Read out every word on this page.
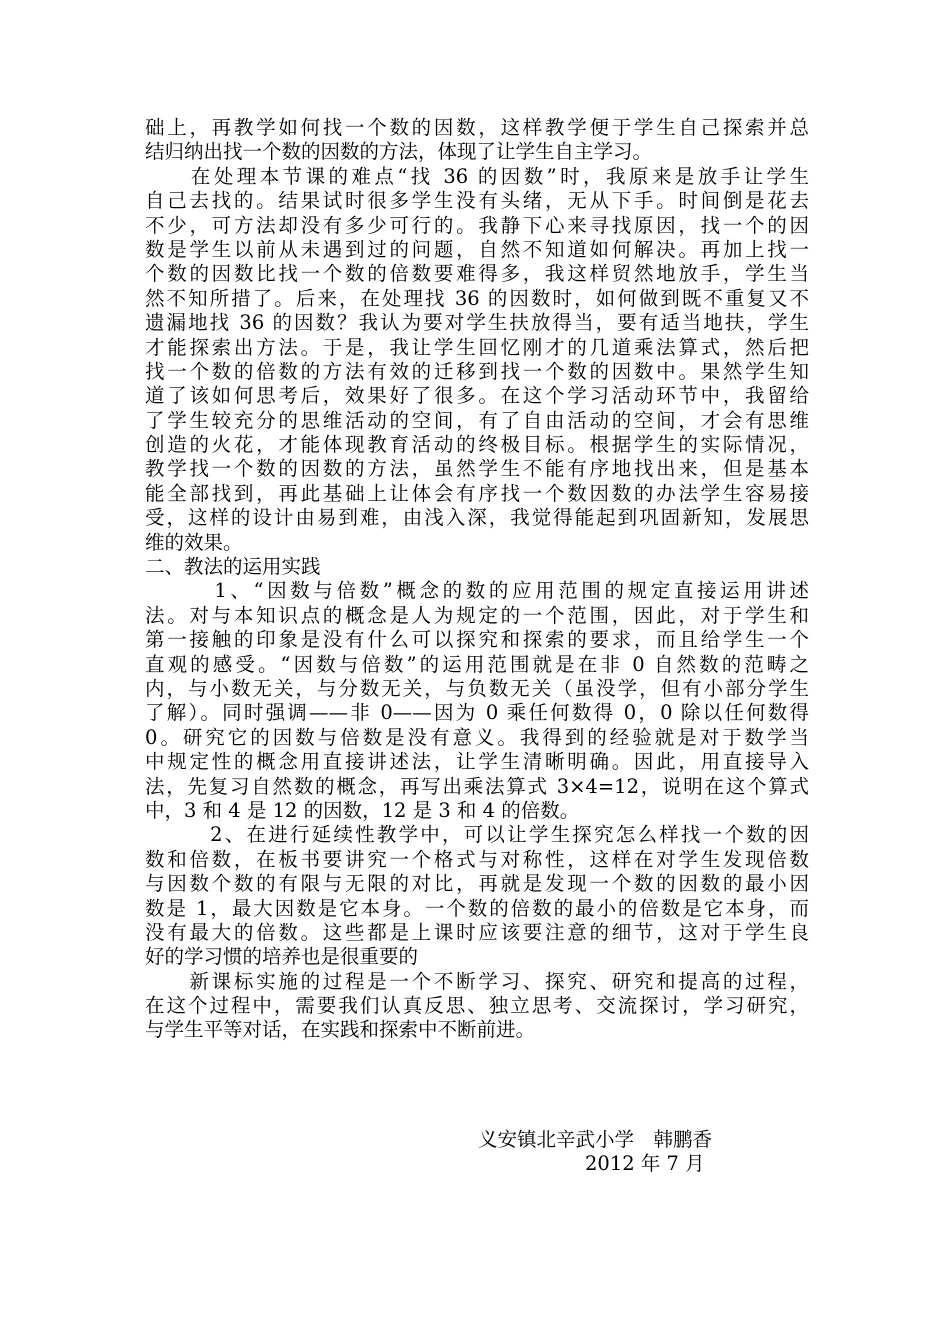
础上，再教学如何找一个数的因数，这样教学便于学生自己探索并总
结归纳出找一个数的因数的方法，体现了让学生自主学习。
　　在处理本节课的难点“找 36 的因数”时，我原来是放手让学生
自己去找的。结果试时很多学生没有头绪，无从下手。时间倒是花去
不少，可方法却没有多少可行的。我静下心来寻找原因，找一个的因
数是学生以前从未遇到过的问题，自然不知道如何解决。再加上找一
个数的因数比找一个数的倍数要难得多，我这样贸然地放手，学生当
然不知所措了。后来，在处理找 36 的因数时，如何做到既不重复又不
遗漏地找 36 的因数？我认为要对学生扶放得当，要有适当地扶，学生
才能探索出方法。于是，我让学生回忆刚才的几道乘法算式，然后把
找一个数的倍数的方法有效的迁移到找一个数的因数中。果然学生知
道了该如何思考后，效果好了很多。在这个学习活动环节中，我留给
了学生较充分的思维活动的空间，有了自由活动的空间，才会有思维
创造的火花，才能体现教育活动的终极目标。根据学生的实际情况，
教学找一个数的因数的方法，虽然学生不能有序地找出来，但是基本
能全部找到，再此基础上让体会有序找一个数因数的办法学生容易接
受，这样的设计由易到难，由浅入深，我觉得能起到巩固新知，发展思
维的效果。
二、教法的运用实践
　　　1、“因数与倍数”概念的数的应用范围的规定直接运用讲述
法。对与本知识点的概念是人为规定的一个范围，因此，对于学生和
第一接触的印象是没有什么可以探究和探索的要求，而且给学生一个
直观的感受。“因数与倍数”的运用范围就是在非 0 自然数的范畴之
内，与小数无关，与分数无关，与负数无关（虽没学，但有小部分学生
了解）。同时强调——非 0——因为 0 乘任何数得 0，0 除以任何数得
0。研究它的因数与倍数是没有意义。我得到的经验就是对于数学当
中规定性的概念用直接讲述法，让学生清晰明确。因此，用直接导入
法，先复习自然数的概念，再写出乘法算式 3×4=12，说明在这个算式
中，3 和 4 是 12 的因数，12 是 3 和 4 的倍数。
　　　2、在进行延续性教学中，可以让学生探究怎么样找一个数的因
数和倍数，在板书要讲究一个格式与对称性，这样在对学生发现倍数
与因数个数的有限与无限的对比，再就是发现一个数的因数的最小因
数是 1，最大因数是它本身。一个数的倍数的最小的倍数是它本身，而
没有最大的倍数。这些都是上课时应该要注意的细节，这对于学生良
好的学习惯的培养也是很重要的
　　新课标实施的过程是一个不断学习、探究、研究和提高的过程，
在这个过程中，需要我们认真反思、独立思考、交流探讨，学习研究，
与学生平等对话，在实践和探索中不断前进。
义安镇北辛武小学　韩鹏香
2012 年 7 月
